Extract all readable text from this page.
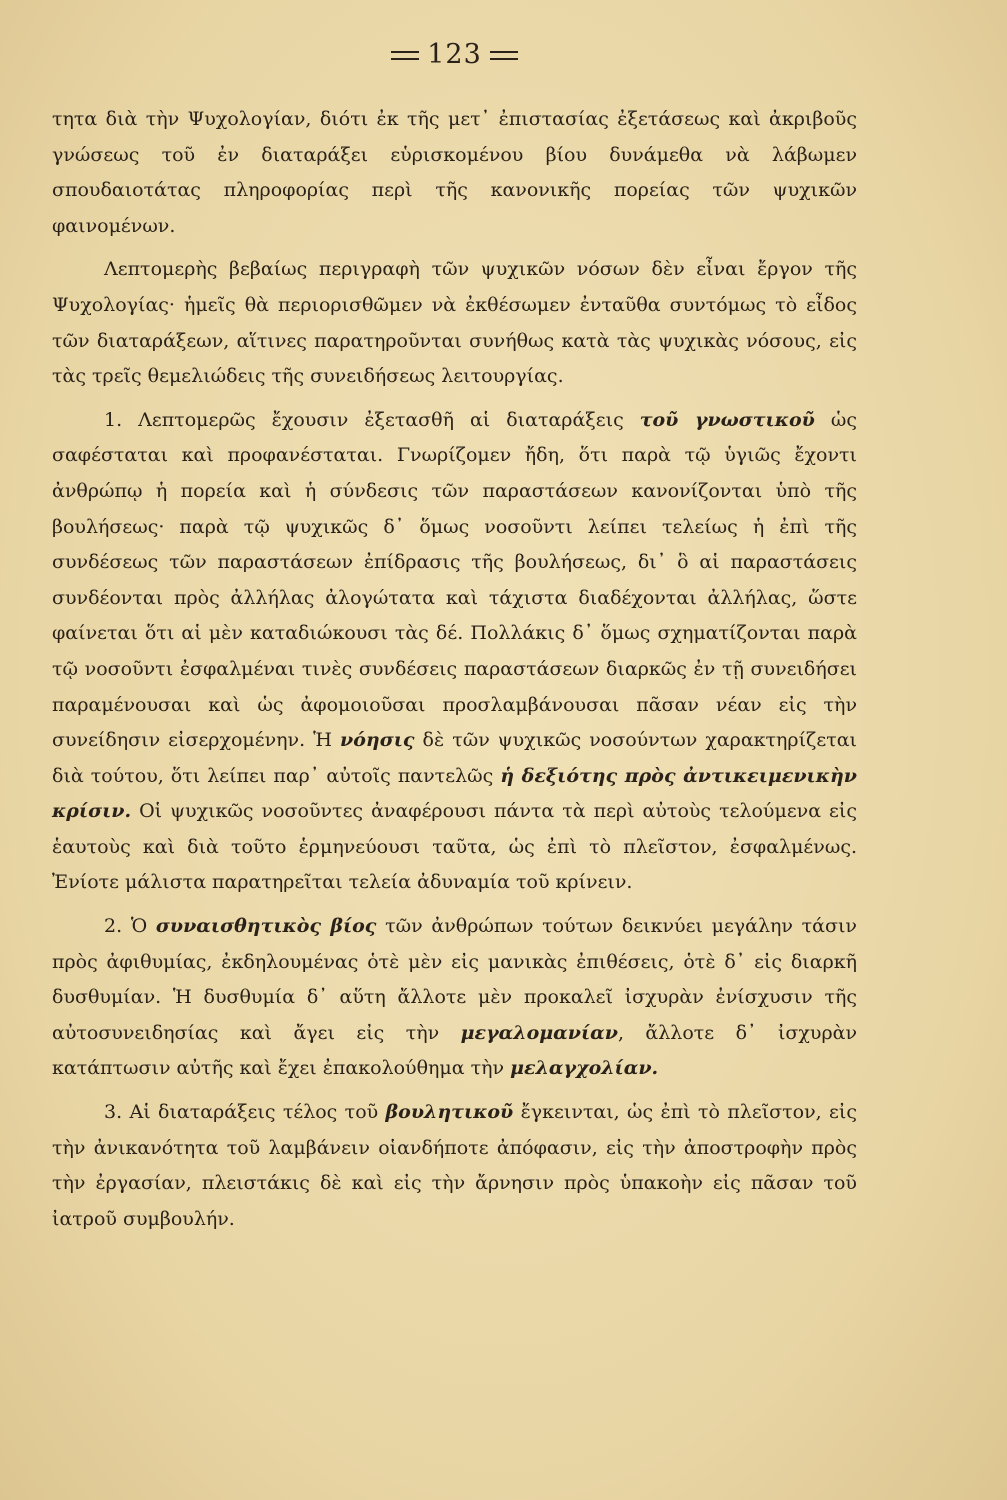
123

τητα διὰ τὴν Ψυχολογίαν, διότι ἐκ τῆς μετ᾽ ἐπιστασίας ἐξετάσεως καὶ ἀκριβοῦς γνώσεως τοῦ ἐν διαταράξει εὑρισκομένου βίου δυνάμεθα νὰ λάβωμεν σπουδαιοτάτας πληροφορίας περὶ τῆς κανονικῆς πορείας τῶν ψυχικῶν φαινομένων.

Λεπτομερὴς βεβαίως περιγραφὴ τῶν ψυχικῶν νόσων δὲν εἶναι ἔργον τῆς Ψυχολογίας· ἡμεῖς θὰ περιορισθῶμεν νὰ ἐκθέσωμεν ἐνταῦθα συντόμως τὸ εἶδος τῶν διαταράξεων, αἵτινες παρατηροῦνται συνήθως κατὰ τὰς ψυχικὰς νόσους, εἰς τὰς τρεῖς θεμελιώδεις τῆς συνειδήσεως λειτουργίας.

1. Λεπτομερῶς ἔχουσιν ἐξετασθῆ αἱ διαταράξεις τοῦ γνωστικοῦ ὡς σαφέσταται καὶ προφανέσταται. Γνωρίζομεν ἤδη, ὅτι παρὰ τῷ ὑγιῶς ἔχοντι ἀνθρώπῳ ἡ πορεία καὶ ἡ σύνδεσις τῶν παραστάσεων κανονίζονται ὑπὸ τῆς βουλήσεως· παρὰ τῷ ψυχικῶς δ᾽ ὅμως νοσοῦντι λείπει τελείως ἡ ἐπὶ τῆς συνδέσεως τῶν παραστάσεων ἐπίδρασις τῆς βουλήσεως, δι᾽ ὃ αἱ παραστάσεις συνδέονται πρὸς ἀλλήλας ἀλογώτατα καὶ τάχιστα διαδέχονται ἀλλήλας, ὥστε φαίνεται ὅτι αἱ μὲν καταδιώκουσι τὰς δέ. Πολλάκις δ᾽ ὅμως σχηματίζονται παρὰ τῷ νοσοῦντι ἐσφαλμέναι τινὲς συνδέσεις παραστάσεων διαρκῶς ἐν τῇ συνειδήσει παραμένουσαι καὶ ὡς ἀφομοιοῦσαι προσλαμβάνουσαι πᾶσαν νέαν εἰς τὴν συνείδησιν εἰσερχομένην. Ἡ νόησις δὲ τῶν ψυχικῶς νοσούντων χαρακτηρίζεται διὰ τούτου, ὅτι λείπει παρ᾽ αὐτοῖς παντελῶς ἡ δεξιότης πρὸς ἀντικειμενικὴν κρίσιν. Οἱ ψυχικῶς νοσοῦντες ἀναφέρουσι πάντα τὰ περὶ αὐτοὺς τελούμενα εἰς ἑαυτοὺς καὶ διὰ τοῦτο ἑρμηνεύουσι ταῦτα, ὡς ἐπὶ τὸ πλεῖστον, ἐσφαλμένως. Ἐνίοτε μάλιστα παρατηρεῖται τελεία ἀδυναμία τοῦ κρίνειν.

2. Ὁ συναισθητικὸς βίος τῶν ἀνθρώπων τούτων δεικνύει μεγάλην τάσιν πρὸς ἀφιθυμίας, ἐκδηλουμένας ὁτὲ μὲν εἰς μανικὰς ἐπιθέσεις, ὁτὲ δ᾽ εἰς διαρκῆ δυσθυμίαν. Ἡ δυσθυμία δ᾽ αὕτη ἄλλοτε μὲν προκαλεῖ ἰσχυρὰν ἐνίσχυσιν τῆς αὐτοσυνειδησίας καὶ ἄγει εἰς τὴν μεγαλομανίαν, ἄλλοτε δ᾽ ἰσχυρὰν κατάπτωσιν αὐτῆς καὶ ἔχει ἐπακολούθημα τὴν μελαγχολίαν.

3. Αἱ διαταράξεις τέλος τοῦ βουλητικοῦ ἔγκεινται, ὡς ἐπὶ τὸ πλεῖστον, εἰς τὴν ἀνικανότητα τοῦ λαμβάνειν οἱανδήποτε ἀπόφασιν, εἰς τὴν ἀποστροφὴν πρὸς τὴν ἐργασίαν, πλειστάκις δὲ καὶ εἰς τὴν ἄρνησιν πρὸς ὑπακοὴν εἰς πᾶσαν τοῦ ἰατροῦ συμβουλήν.
